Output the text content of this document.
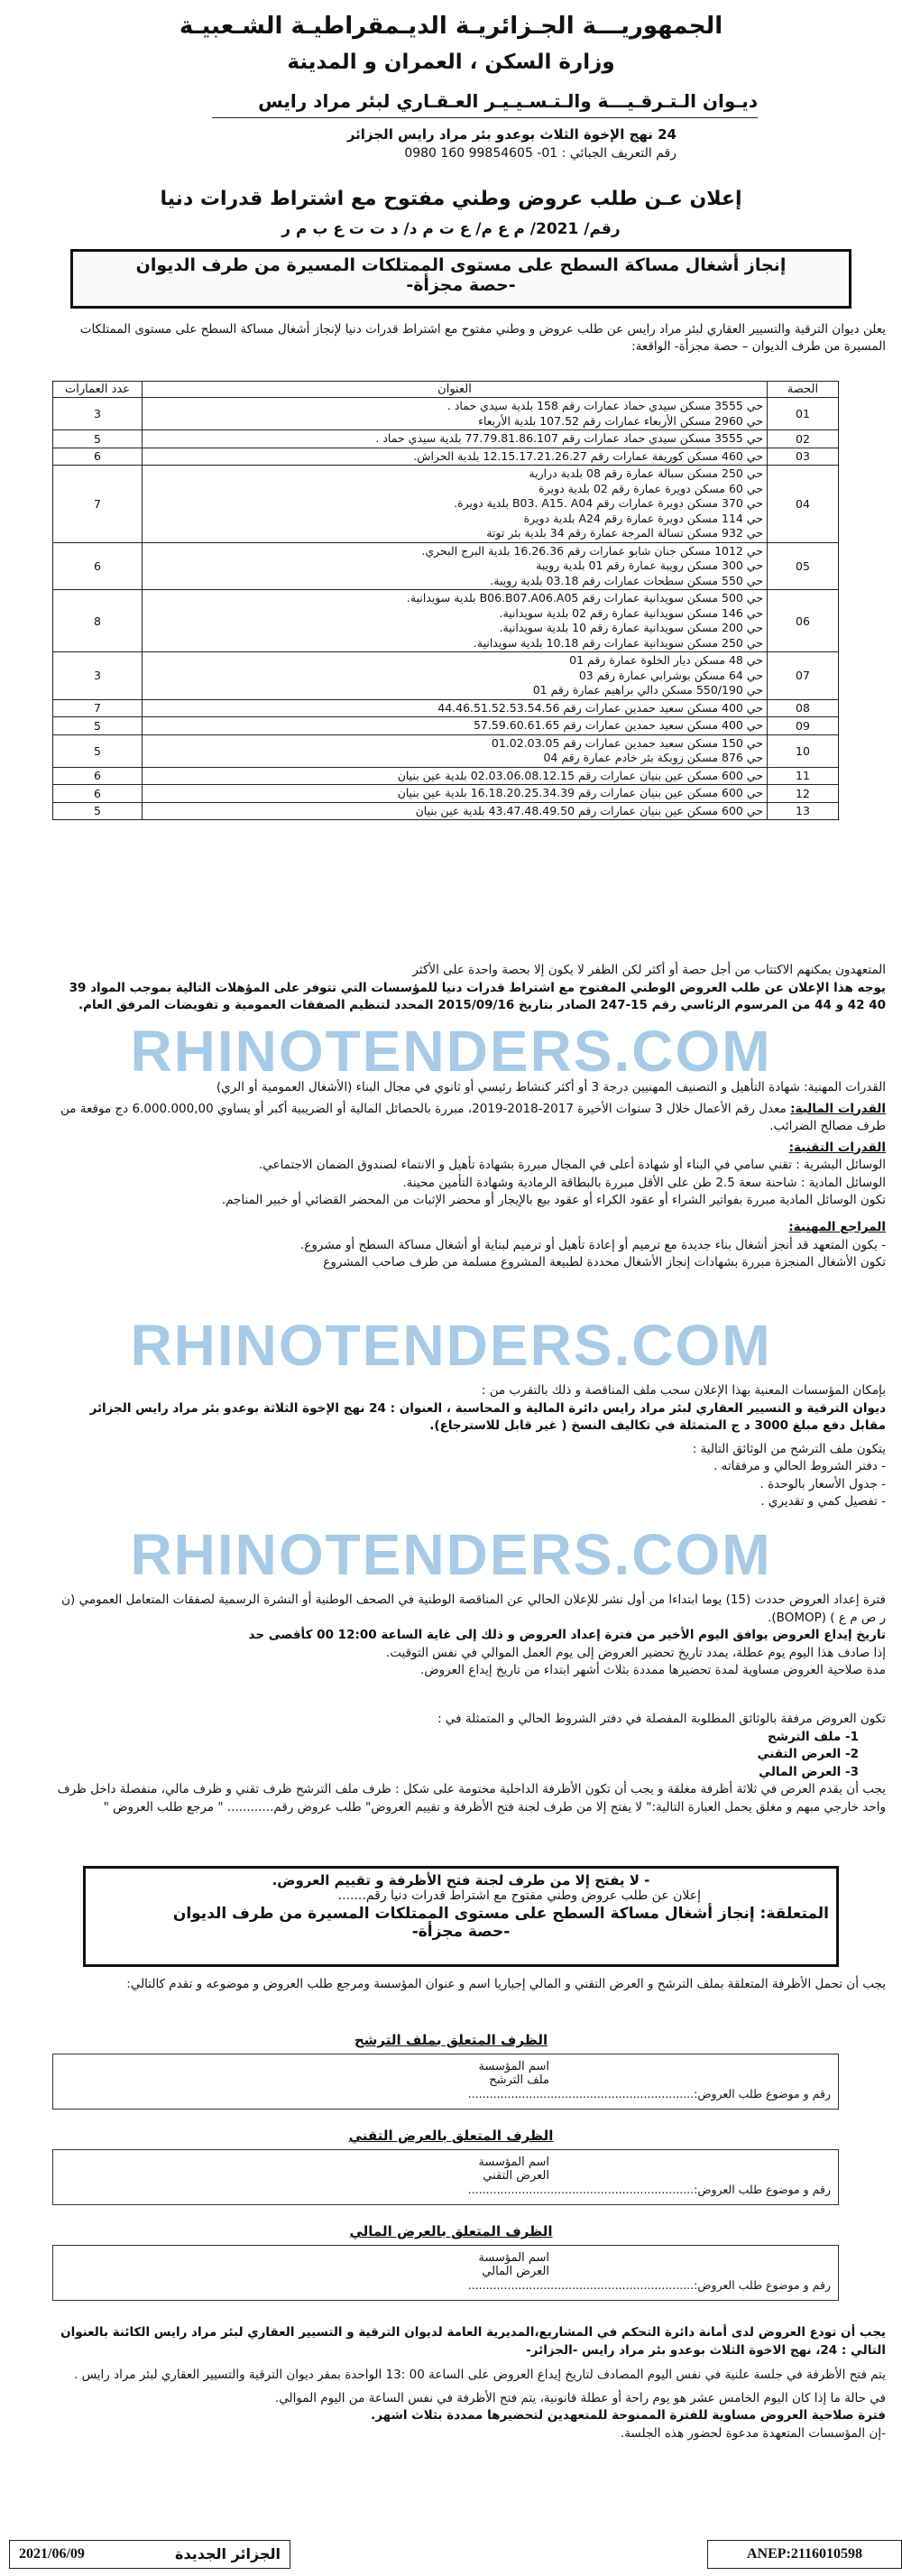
الجمهوريـــة الجـزائريـة الديـمقراطيـة الشـعبيـة
وزارة السكن ، العمران و المدينة
ديـوان الـتـرقـيـــة والـتـسـيـيـر العـقـاري لبئر مراد رايس
24 نهج الإخوة الثلاث بوعدو بئر مراد رايس الجزائر
رقم التعريف الجبائي : 01- 99854605 160 0980
إعلان عـن طلب عروض وطني مفتوح مع اشتراط قدرات دنيا
رقم/ 2021/ م ع م/ ع ت م د/ د ت ت ع ب م ر
إنجاز أشغال مساكة السطح على مستوى الممتلكات المسيرة من طرف الديوان
-حصة مجزأة-
يعلن ديوان الترقية والتسيير العقاري لبئر مراد رايس عن طلب عروض و وطني مفتوح مع اشتراط قدرات دنيا لإنجاز أشغال مساكة السطح على مستوى الممتلكات المسيرة من طرف الديوان – حصة مجزأة- الواقعة:
الحصة	العنوان	عدد العمارات
01	حي 3555 مسكن سيدي حماد عمارات رقم 158 بلدية سيدي حماد .
حي 2960 مسكن الأربعاء عمارات رقم 107.52 بلدية الأربعاء	3
02	حي 3555 مسكن سيدي حماد عمارات رقم 77.79.81.86.107 بلدية سيدي حماد .	5
03	حي 460 مسكن كوريفة عمارات رقم 12.15.17.21.26.27 بلدية الحراش.	6
04	حي 250 مسكن سبالة عمارة رقم 08 بلدية درارية
حي 60 مسكن دويرة عمارة رقم 02 بلدية دويرة
حي 370 مسكن دويرة عمارات رقم B03. A15. A04 بلدية دويرة.
حي 114 مسكن دويرة عمارة رقم A24 بلدية دويرة
حي 932 مسكن تسالة المرجة عمارة رقم 34 بلدية بئر توتة	7
05	حي 1012 مسكن جنان شابو عمارات رقم 16.26.36 بلدية البرج البحري.
حي 300 مسكن رويبة عمارة رقم 01 بلدية رويبة
حي 550 مسكن سطحات عمارات رقم 03.18 بلدية رويبة.	6
06	حي 500 مسكن سويدانية عمارات رقم B06.B07.A06.A05 بلدية سويدانية.
حي 146 مسكن سويدانية عمارة رقم 02 بلدية سويدانية.
حي 200 مسكن سويدانية عمارة رقم 10 بلدية سويدانية.
حي 250 مسكن سويدانية عمارات رقم 10.18 بلدية سويدانية.	8
07	حي 48 مسكن ديار الخلوة عمارة رقم 01
حي 64 مسكن بوشرابي عمارة رقم 03
حي 550/190 مسكن دالي براهيم عمارة رقم 01	3
08	حي 400 مسكن سعيد حمدين عمارات رقم 44.46.51.52.53.54.56	7
09	حي 400 مسكن سعيد حمدين عمارات رقم 57.59.60.61.65	5
10	حي 150 مسكن سعيد حمدين عمارات رقم 01.02.03.05
حي 876 مسكن زوبكة بئر خادم عمارة رقم 04	5
11	حي 600 مسكن عين بنيان عمارات رقم 02.03.06.08.12.15 بلدية عين بنيان	6
12	حي 600 مسكن عين بنيان عمارات رقم 16.18.20.25.34.39 بلدية عين بنيان	6
13	حي 600 مسكن عين بنيان عمارات رقم 43.47.48.49.50 بلدية عين بنيان	5

المتعهدون يمكنهم الاكتتاب من أجل حصة أو أكثر لكن الظفر لا يكون إلا بحصة واحدة على الأكثر

يوجه هذا الإعلان عن طلب العروض الوطني المفتوح مع اشتراط قدرات دنيا للمؤسسات التي تتوفر على المؤهلات التالية بموجب المواد 39 40 42 و 44 من المرسوم الرئاسي رقم 15-247 الصادر بتاريخ 2015/09/16 المحدد لتنظيم الصفقات العمومية و تفويضات المرفق العام.

RHINOTENDERS.COM

القدرات المهنية: شهادة التأهيل و التصنيف المهنيين درجة 3 أو أكثر كنشاط رئيسي أو ثانوي في مجال البناء (الأشغال العمومية أو الري)

القدرات المالية: معدل رقم الأعمال خلال 3 سنوات الأخيرة 2017-2018-2019، مبررة بالحصائل المالية أو الضريبية أكبر أو يساوي 6.000.000,00 دج موقعة من طرف مصالح الضرائب.

القدرات التقنية:

الوسائل البشرية : تقني سامي في البناء أو شهادة أعلى في المجال مبررة بشهادة تأهيل و الانتماء لصندوق الضمان الاجتماعي.

الوسائل المادية : شاحنة سعة 2.5 طن على الأقل مبررة بالبطاقة الرمادية وشهادة التأمين محينة.

تكون الوسائل المادية مبررة بفواتير الشراء أو عقود الكراء أو عقود بيع بالإيجار أو محضر الإثبات من المحضر القضائي أو خبير المناجم.

المراجع المهنية:

- يكون المتعهد قد أنجز أشغال بناء جديدة مع ترميم أو إعادة تأهيل أو ترميم لبناية أو أشغال مساكة السطح أو مشروع.

تكون الأشغال المنجزة مبررة بشهادات إنجاز الأشغال محددة لطبيعة المشروع مسلمة من طرف صاحب المشروع

RHINOTENDERS.COM

بإمكان المؤسسات المعنية بهذا الإعلان سحب ملف المناقصة و ذلك بالتقرب من :

ديوان الترقية و التسيير العقاري لبئر مراد رايس دائرة المالية و المحاسبة ، العنوان : 24 نهج الإخوة الثلاثة بوعدو بئر مراد رايس الجزائر مقابل دفع مبلغ 3000 د ج المتمثلة في تكاليف النسخ ( غير قابل للاسترجاع).

يتكون ملف الترشح من الوثائق التالية :

- دفتر الشروط الحالي و مرفقاته .

- جدول الأسعار بالوحدة .

- تفصيل كمي و تقديري .

RHINOTENDERS.COM

فترة إعداد العروض حددت (15) يوما ابتداءا من أول نشر للإعلان الحالي عن المناقصة الوطنية في الصحف الوطنية أو النشرة الرسمية لصفقات المتعامل العمومي (ن ر ص م ع ) (BOMOP).

تاريخ إيداع العروض يوافق اليوم الأخير من فترة إعداد العروض و ذلك إلى غاية الساعة 12:00 00 كأقصى حد

إذا صادف هذا اليوم يوم عطلة، يمدد تاريخ تحضير العروض إلى يوم العمل الموالي في نفس التوقيت.

مدة صلاحية العروض مساوية لمدة تحضيرها ممددة بثلاث أشهر ابتداء من تاريخ إيداع العروض.

تكون العروض مرفقة بالوثائق المطلوبة المفصلة في دفتر الشروط الحالي و المتمثلة في :

1- ملف الترشح

2- العرض التقني

3- العرض المالي

يجب أن يقدم العرض في ثلاثة أظرفة مغلقة و يجب أن تكون الأظرفة الداخلية مختومة على شكل : ظرف ملف الترشح ظرف تقني و ظرف مالي، منفصلة داخل ظرف واحد خارجي مبهم و مغلق يحمل العبارة التالية:" لا يفتح إلا من طرف لجنة فتح الأظرفة و تقييم العروض" طلب عروض رقم............ " مرجع طلب العروض "

- لا يفتح إلا من طرف لجنة فتح الأظرفة و تقييم العروض.
إعلان عن طلب عروض وطني مفتوح مع اشتراط قدرات دنيا رقم.......
المتعلقة: إنجاز أشغال مساكة السطح على مستوى الممتلكات المسيرة من طرف الديوان
-حصة مجزأة-
يجب أن تحمل الأظرفة المتعلقة بملف الترشح و العرض التقني و المالي إجباريا اسم و عنوان المؤسسة ومرجع طلب العروض و موضوعه و تقدم كالتالي:
الظرف المتعلق بملف الترشح
اسم المؤسسة
ملف الترشح
رقم و موضوع طلب العروض:...............................................................
الظرف المتعلق بالعرض التقني
اسم المؤسسة
العرض التقني
رقم و موضوع طلب العروض:...............................................................
الظرف المتعلق بالعرض المالي
اسم المؤسسة
العرض المالي
رقم و موضوع طلب العروض:...............................................................

يجب أن تودع العروض لدى أمانة دائرة التحكم في المشاريع،المديرية العامة لديوان الترقية و التسيير العقاري لبئر مراد رايس الكائنة بالعنوان التالي : 24، نهج الاخوة الثلاث بوعدو بئر مراد رايس -الجزائر-

يتم فتح الأظرفة في جلسة علنية في نفس اليوم المصادف لتاريخ إيداع العروض على الساعة 00 :13 الواحدة بمقر ديوان الترقية والتسيير العقاري لبئر مراد رايس .

في حالة ما إذا كان اليوم الخامس عشر هو يوم راحة أو عطلة قانونية، يتم فتح الأظرفة في نفس الساعة من اليوم الموالي.

فترة صلاحية العروض مساوية للفترة الممنوحة للمتعهدين لتحضيرها ممددة بثلاث اشهر.

-إن المؤسسات المتعهدة مدعوة لحضور هذه الجلسة.

ANEP:2116010598
الجزائر الجديدة
2021/06/09
